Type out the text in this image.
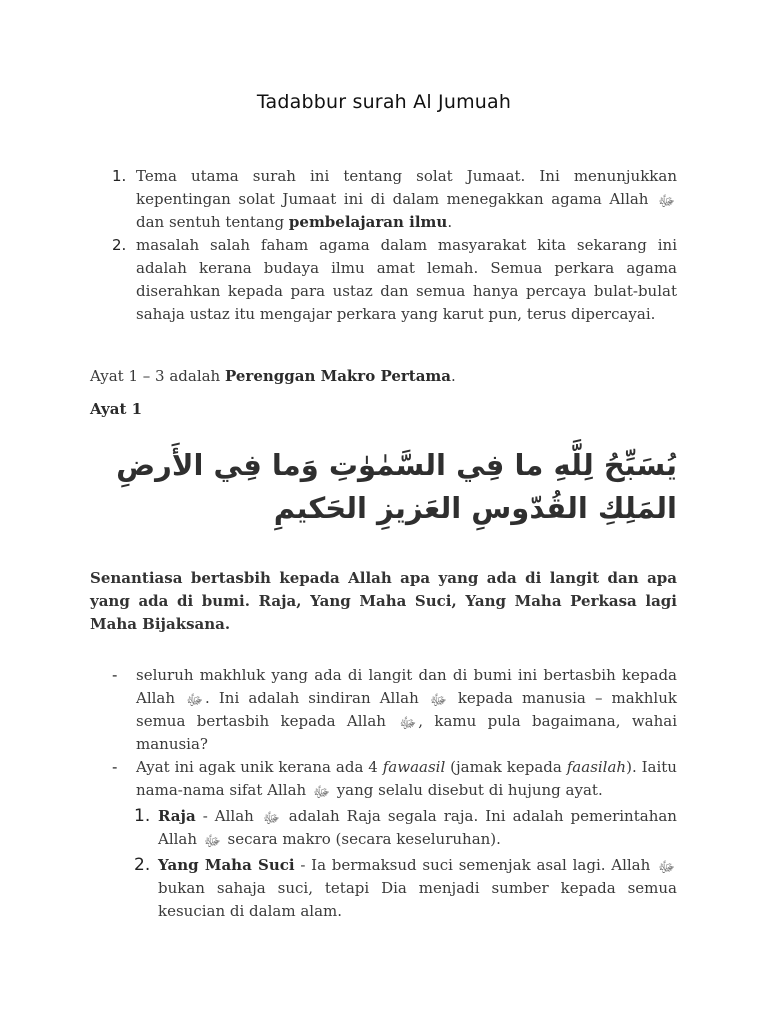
Tadabbur surah Al Jumuah
1. Tema utama surah ini tentang solat Jumaat. Ini menunjukkan kepentingan solat Jumaat ini di dalam menegakkan agama Allah ﷻ dan sentuh tentang pembelajaran ilmu.
2. masalah salah faham agama dalam masyarakat kita sekarang ini adalah kerana budaya ilmu amat lemah. Semua perkara agama diserahkan kepada para ustaz dan semua hanya percaya bulat-bulat sahaja ustaz itu mengajar perkara yang karut pun, terus dipercayai.
Ayat 1 – 3 adalah Perenggan Makro Pertama.
Ayat 1
يُسَبِّحُ لِلَّهِ ما فِي السَّمٰوٰتِ وَما فِي الأَرضِ المَلِكِ القُدّوسِ العَزيزِ الحَكيمِ
Senantiasa bertasbih kepada Allah apa yang ada di langit dan apa yang ada di bumi. Raja, Yang Maha Suci, Yang Maha Perkasa lagi Maha Bijaksana.
- seluruh makhluk yang ada di langit dan di bumi ini bertasbih kepada Allah ﷻ . Ini adalah sindiran Allah ﷻ kepada manusia – makhluk semua bertasbih kepada Allah ﷻ , kamu pula bagaimana, wahai manusia?
- Ayat ini agak unik kerana ada 4 fawaasil (jamak kepada faasilah). Iaitu nama-nama sifat Allah ﷻ yang selalu disebut di hujung ayat.
1. Raja - Allah ﷻ adalah Raja segala raja. Ini adalah pemerintahan Allah ﷻ secara makro (secara keseluruhan).
2. Yang Maha Suci - Ia bermaksud suci semenjak asal lagi. Allah ﷻ bukan sahaja suci, tetapi Dia menjadi sumber kepada semua kesucian di dalam alam.
